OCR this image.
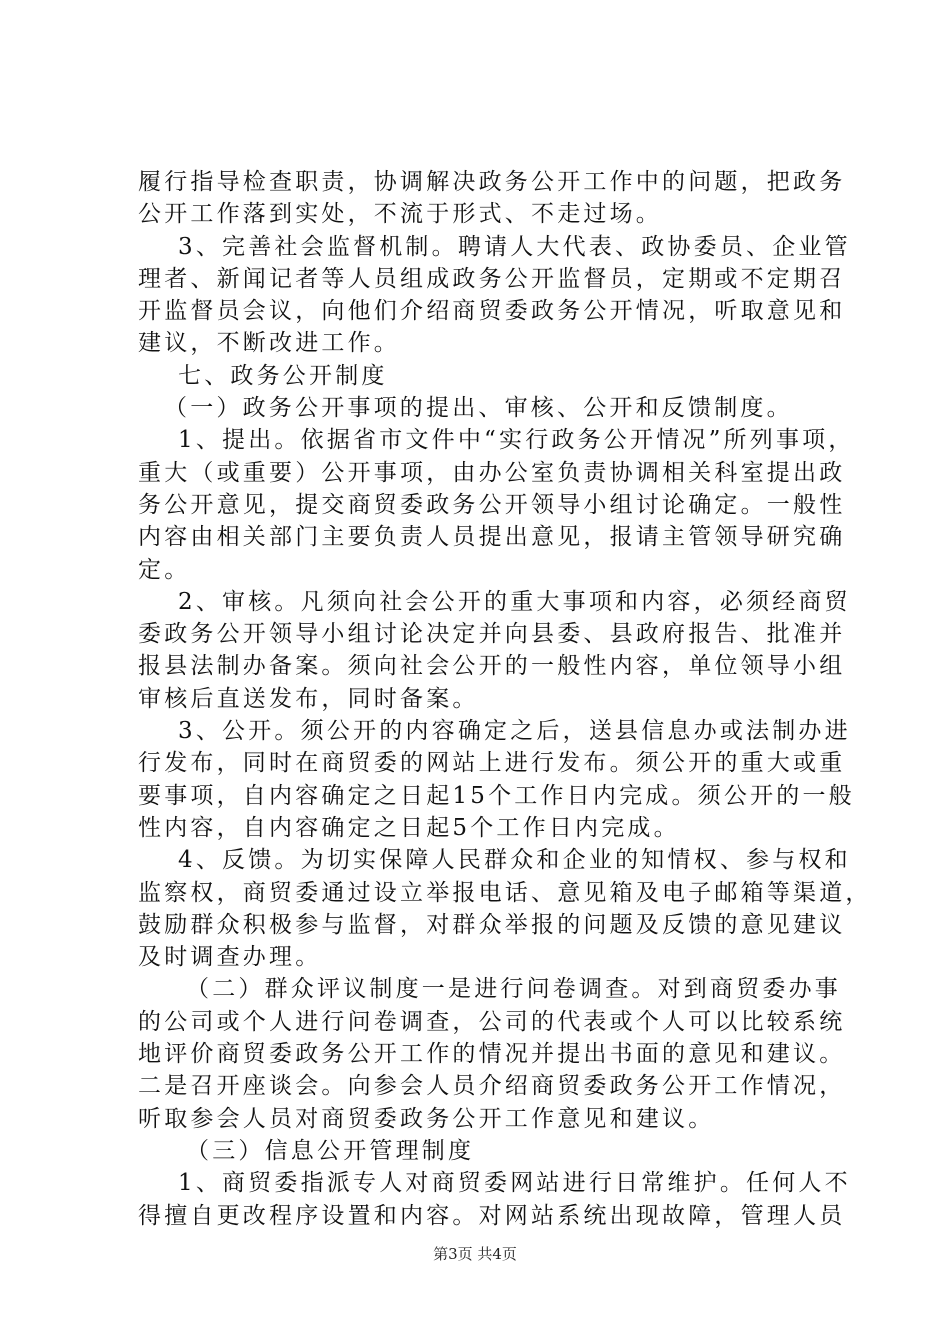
履行指导检查职责，协调解决政务公开工作中的问题，把政务
公开工作落到实处，不流于形式、不走过场。
3、完善社会监督机制。聘请人大代表、政协委员、企业管
理者、新闻记者等人员组成政务公开监督员，定期或不定期召
开监督员会议，向他们介绍商贸委政务公开情况，听取意见和
建议，不断改进工作。
七、政务公开制度
（一）政务公开事项的提出、审核、公开和反馈制度。
1、提出。依据省市文件中“实行政务公开情况”所列事项，
重大（或重要）公开事项，由办公室负责协调相关科室提出政
务公开意见，提交商贸委政务公开领导小组讨论确定。一般性
内容由相关部门主要负责人员提出意见，报请主管领导研究确
定。
2、审核。凡须向社会公开的重大事项和内容，必须经商贸
委政务公开领导小组讨论决定并向县委、县政府报告、批准并
报县法制办备案。须向社会公开的一般性内容，单位领导小组
审核后直送发布，同时备案。
3、公开。须公开的内容确定之后，送县信息办或法制办进
行发布，同时在商贸委的网站上进行发布。须公开的重大或重
要事项，自内容确定之日起15个工作日内完成。须公开的一般
性内容，自内容确定之日起5个工作日内完成。
4、反馈。为切实保障人民群众和企业的知情权、参与权和
监察权，商贸委通过设立举报电话、意见箱及电子邮箱等渠道，
鼓励群众积极参与监督，对群众举报的问题及反馈的意见建议
及时调查办理。
（二）群众评议制度一是进行问卷调查。对到商贸委办事
的公司或个人进行问卷调查，公司的代表或个人可以比较系统
地评价商贸委政务公开工作的情况并提出书面的意见和建议。
二是召开座谈会。向参会人员介绍商贸委政务公开工作情况，
听取参会人员对商贸委政务公开工作意见和建议。
（三）信息公开管理制度
1、商贸委指派专人对商贸委网站进行日常维护。任何人不
得擅自更改程序设置和内容。对网站系统出现故障，管理人员
第3页 共4页
